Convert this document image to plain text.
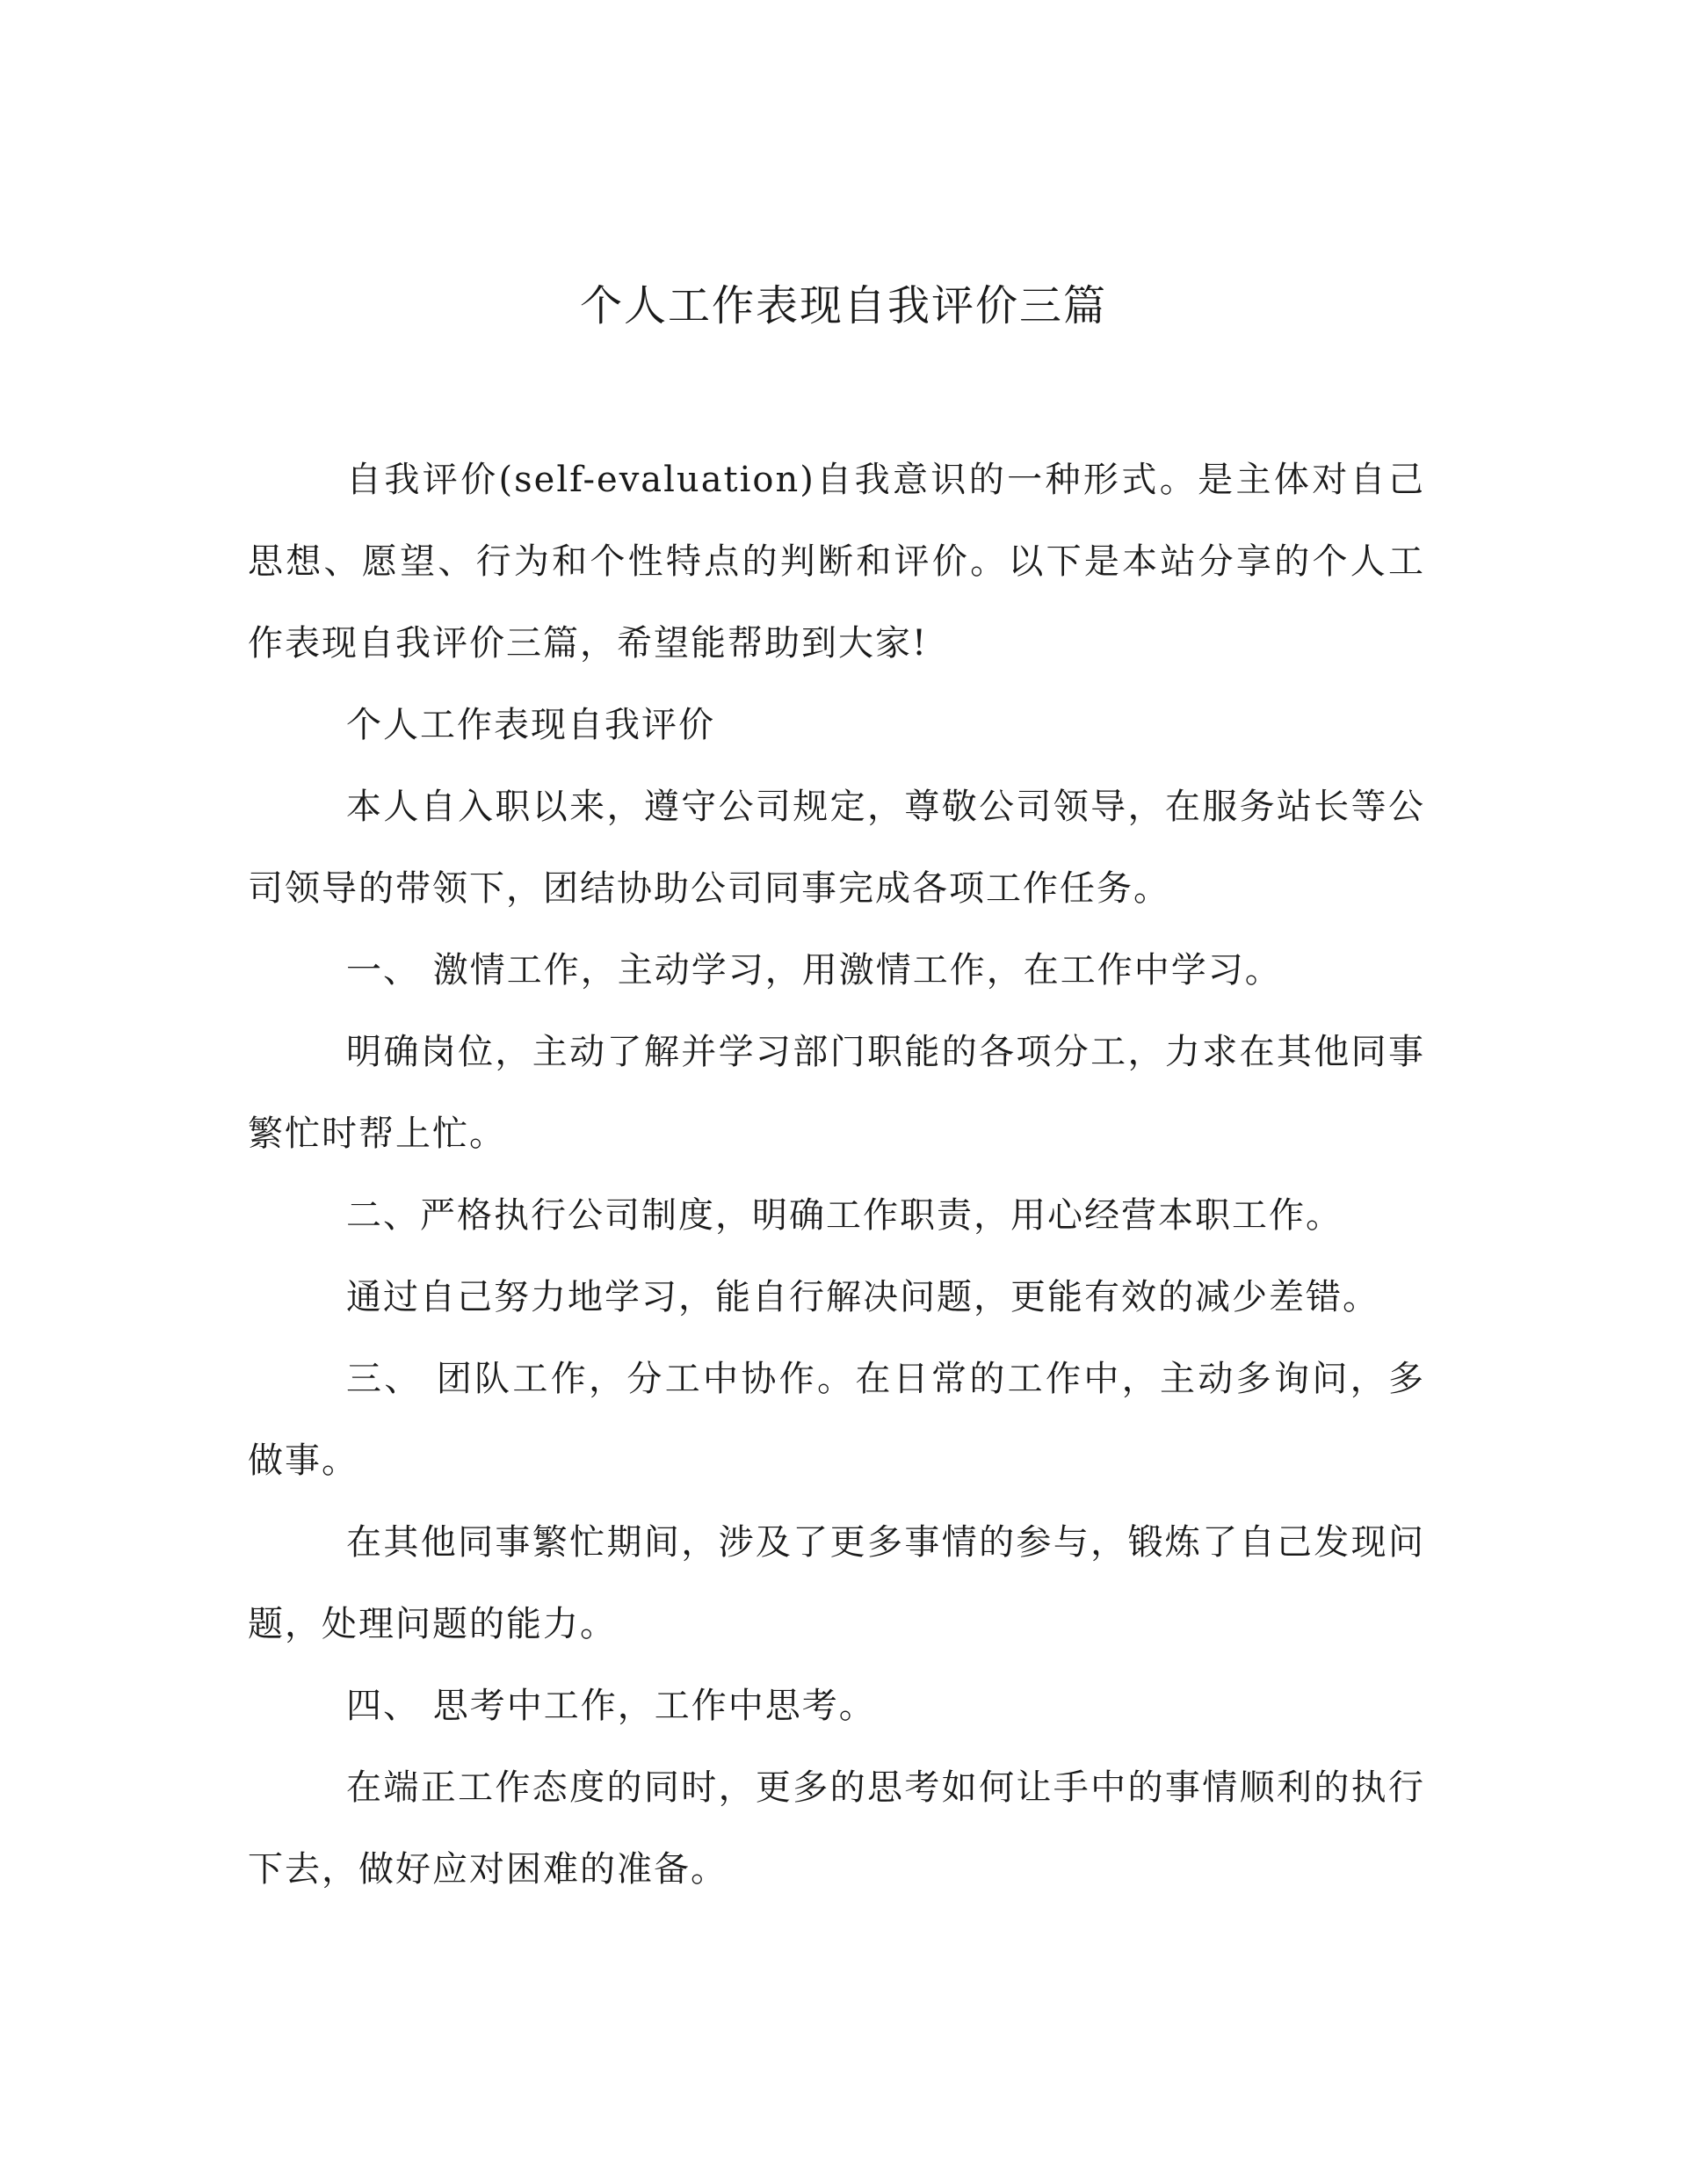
个人工作表现自我评价三篇

自我评价(self-evaluation)自我意识的一种形式。是主体对自己思想、愿望、行为和个性特点的判断和评价。以下是本站分享的个人工作表现自我评价三篇，希望能帮助到大家!

个人工作表现自我评价

本人自入职以来，遵守公司规定，尊敬公司领导，在服务站长等公司领导的带领下，团结协助公司同事完成各项工作任务。

一、 激情工作，主动学习，用激情工作，在工作中学习。

明确岗位，主动了解并学习部门职能的各项分工，力求在其他同事繁忙时帮上忙。

二、严格执行公司制度，明确工作职责，用心经营本职工作。

通过自己努力地学习，能自行解决问题，更能有效的减少差错。

三、 团队工作，分工中协作。在日常的工作中，主动多询问，多做事。

在其他同事繁忙期间，涉及了更多事情的参与，锻炼了自己发现问题，处理问题的能力。

四、 思考中工作，工作中思考。

在端正工作态度的同时，更多的思考如何让手中的事情顺利的执行下去，做好应对困难的准备。
